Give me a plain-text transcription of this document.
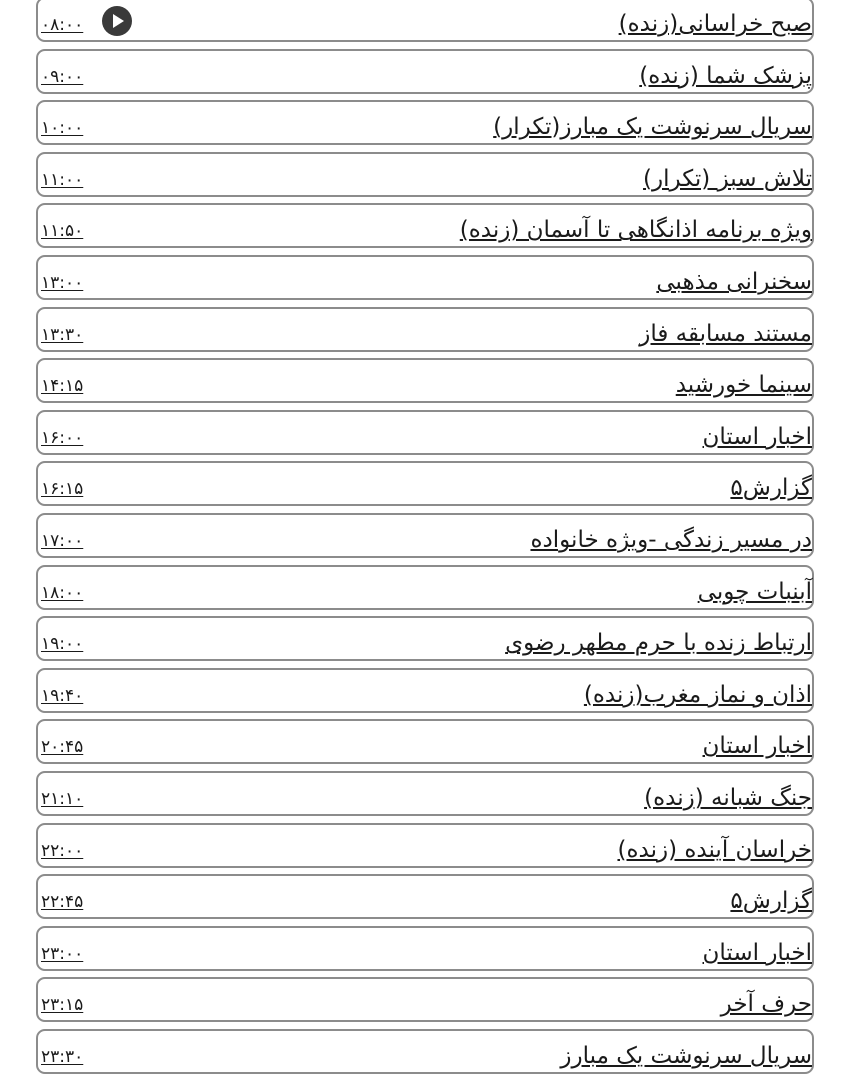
۰۸:۰۰	صبح خراسانی(زنده)
۰۹:۰۰	پزشک شما (زنده)
۱۰:۰۰	سریال سرنوشت یک مبارز(تکرار)
۱۱:۰۰	تلاش سبز (تکرار)
۱۱:۵۰	ویژه برنامه اذانگاهی تا آسمان (زنده)
۱۳:۰۰	سخنرانی مذهبی
۱۳:۳۰	مستند مسابقه فاز
۱۴:۱۵	سینما خورشید
۱۶:۰۰	اخبار استان
۱۶:۱۵	گزارش۵
۱۷:۰۰	در مسیر زندگی -ویژه خانواده
۱۸:۰۰	آبنبات چوبی
۱۹:۰۰	ارتباط زنده با حرم مطهر رضوی
۱۹:۴۰	اذان و نماز مغرب(زنده)
۲۰:۴۵	اخبار استان
۲۱:۱۰	جنگ شبانه (زنده)
۲۲:۰۰	خراسان آینده (زنده)
۲۲:۴۵	گزارش۵
۲۳:۰۰	اخبار استان
۲۳:۱۵	حرف آخر
۲۳:۳۰	سریال سرنوشت یک مبارز
